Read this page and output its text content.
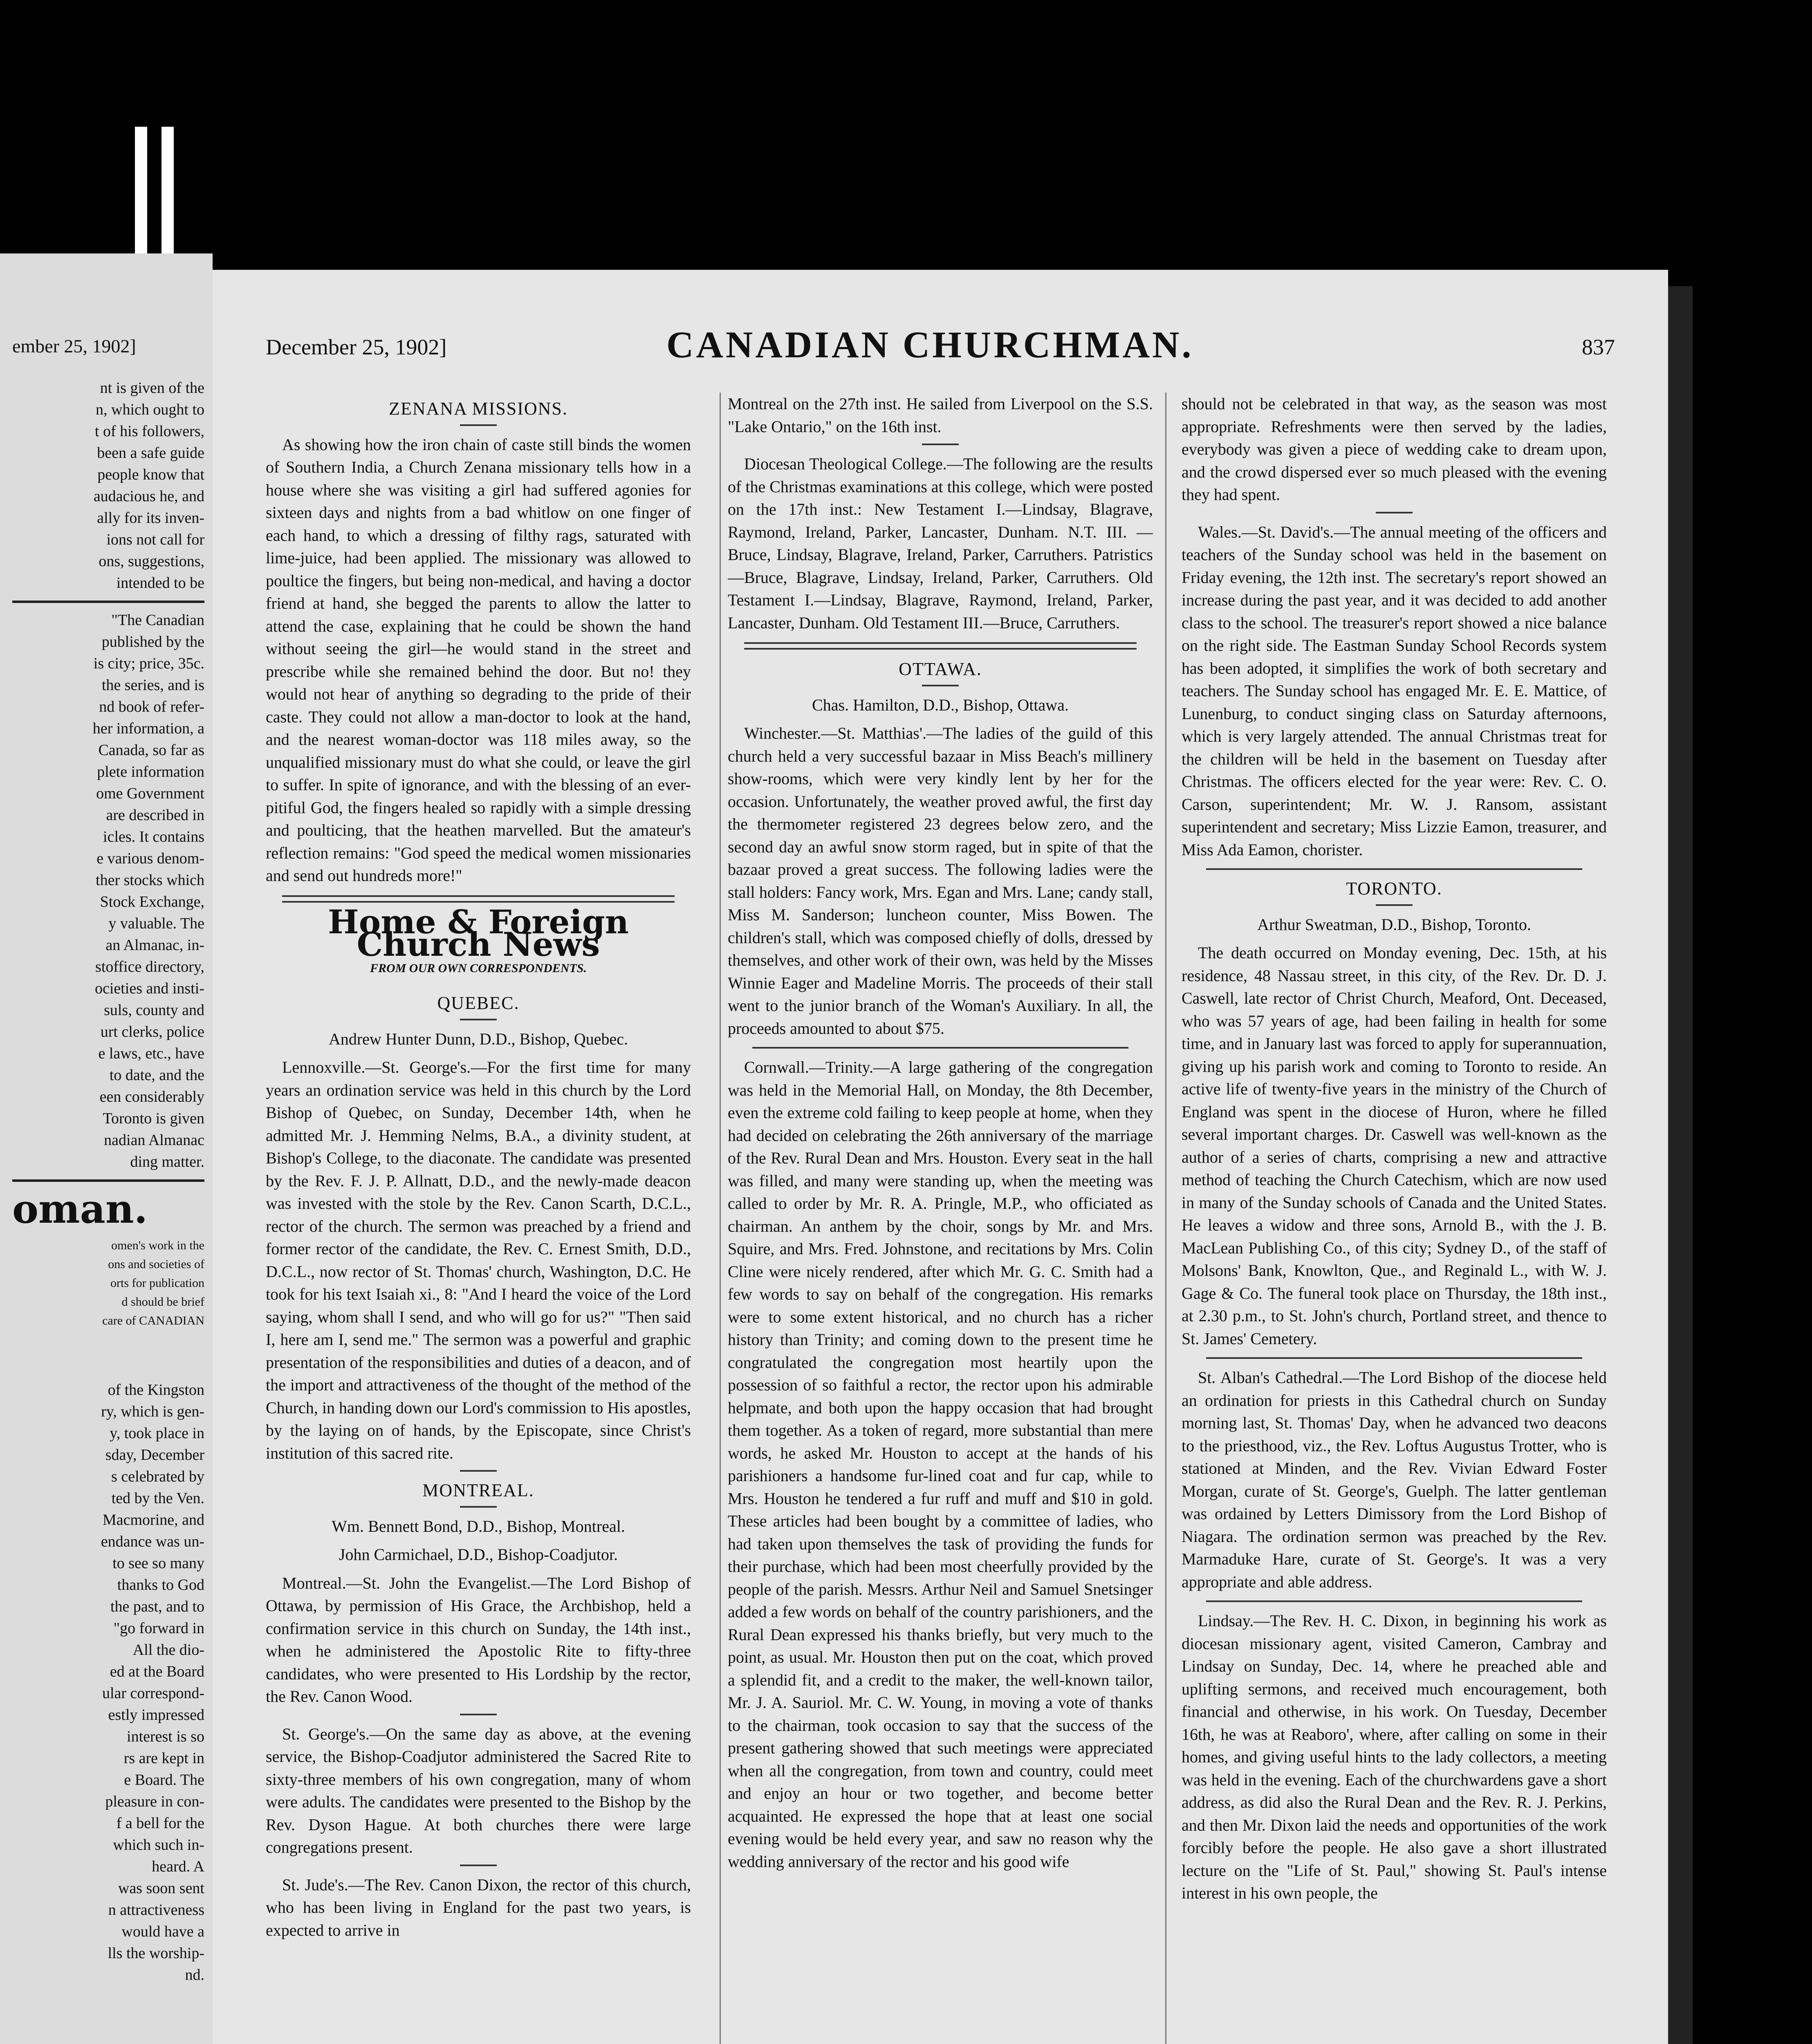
ember 25, 1902]
nt is given of the
n, which ought to
t of his followers,
been a safe guide
people know that
audacious he, and
ally for its inven-
ions not call for
ons, suggestions,
intended to be
"The Canadian
published by the
is city; price, 35c.
the series, and is
nd book of refer-
her information, a
Canada, so far as
plete information
ome Government
are described in
icles. It contains
e various denom-
ther stocks which
Stock Exchange,
y valuable. The
an Almanac, in-
stoffice directory,
ocieties and insti-
suls, county and
urt clerks, police
e laws, etc., have
to date, and the
een considerably
Toronto is given
nadian Almanac
ding matter.
oman.
omen's work in the
ons and societies of
orts for publication
d should be brief
care of CANADIAN
of the Kingston
ry, which is gen-
y, took place in
sday, December
s celebrated by
ted by the Ven.
Macmorine, and
endance was un-
to see so many
thanks to God
the past, and to
"go forward in
All the dio-
ed at the Board
ular correspond-
estly impressed
interest is so
rs are kept in
e Board. The
pleasure in con-
f a bell for the
which such in-
heard. A
was soon sent
n attractiveness
would have a
lls the worship-
nd.
December 25, 1902]	CANADIAN CHURCHMAN.	837
ZENANA MISSIONS.

As showing how the iron chain of caste still binds the women of Southern India, a Church Zenana missionary tells how in a house where she was visiting a girl had suffered agonies for sixteen days and nights from a bad whitlow on one finger of each hand, to which a dressing of filthy rags, saturated with lime-juice, had been applied. The missionary was allowed to poultice the fingers, but being non-medical, and having a doctor friend at hand, she begged the parents to allow the latter to attend the case, explaining that he could be shown the hand without seeing the girl—he would stand in the street and prescribe while she remained behind the door. But no! they would not hear of anything so degrading to the pride of their caste. They could not allow a man-doctor to look at the hand, and the nearest woman-doctor was 118 miles away, so the unqualified missionary must do what she could, or leave the girl to suffer. In spite of ignorance, and with the blessing of an ever-pitiful God, the fingers healed so rapidly with a simple dressing and poulticing, that the heathen marvelled. But the amateur's reflection remains: "God speed the medical women missionaries and send out hundreds more!"

Home & Foreign Church News
FROM OUR OWN CORRESPONDENTS.
QUEBEC.
Andrew Hunter Dunn, D.D., Bishop, Quebec.

Lennoxville.—St. George's.—For the first time for many years an ordination service was held in this church by the Lord Bishop of Quebec, on Sunday, December 14th, when he admitted Mr. J. Hemming Nelms, B.A., a divinity student, at Bishop's College, to the diaconate. The candidate was presented by the Rev. F. J. P. Allnatt, D.D., and the newly-made deacon was invested with the stole by the Rev. Canon Scarth, D.C.L., rector of the church. The sermon was preached by a friend and former rector of the candidate, the Rev. C. Ernest Smith, D.D., D.C.L., now rector of St. Thomas' church, Washington, D.C. He took for his text Isaiah xi., 8: "And I heard the voice of the Lord saying, whom shall I send, and who will go for us?" "Then said I, here am I, send me." The sermon was a powerful and graphic presentation of the responsibilities and duties of a deacon, and of the import and attractiveness of the thought of the method of the Church, in handing down our Lord's commission to His apostles, by the laying on of hands, by the Episcopate, since Christ's institution of this sacred rite.

MONTREAL.
Wm. Bennett Bond, D.D., Bishop, Montreal.
John Carmichael, D.D., Bishop-Coadjutor.

Montreal.—St. John the Evangelist.—The Lord Bishop of Ottawa, by permission of His Grace, the Archbishop, held a confirmation service in this church on Sunday, the 14th inst., when he administered the Apostolic Rite to fifty-three candidates, who were presented to His Lordship by the rector, the Rev. Canon Wood.

St. George's.—On the same day as above, at the evening service, the Bishop-Coadjutor administered the Sacred Rite to sixty-three members of his own congregation, many of whom were adults. The candidates were presented to the Bishop by the Rev. Dyson Hague. At both churches there were large congregations present.

St. Jude's.—The Rev. Canon Dixon, the rector of this church, who has been living in England for the past two years, is expected to arrive in

Montreal on the 27th inst. He sailed from Liverpool on the S.S. "Lake Ontario," on the 16th inst.

Diocesan Theological College.—The following are the results of the Christmas examinations at this college, which were posted on the 17th inst.: New Testament I.—Lindsay, Blagrave, Raymond, Ireland, Parker, Lancaster, Dunham. N.T. III. —Bruce, Lindsay, Blagrave, Ireland, Parker, Carruthers. Patristics—Bruce, Blagrave, Lindsay, Ireland, Parker, Carruthers. Old Testament I.—Lindsay, Blagrave, Raymond, Ireland, Parker, Lancaster, Dunham. Old Testament III.—Bruce, Carruthers.

OTTAWA.
Chas. Hamilton, D.D., Bishop, Ottawa.

Winchester.—St. Matthias'.—The ladies of the guild of this church held a very successful bazaar in Miss Beach's millinery show-rooms, which were very kindly lent by her for the occasion. Unfortunately, the weather proved awful, the first day the thermometer registered 23 degrees below zero, and the second day an awful snow storm raged, but in spite of that the bazaar proved a great success. The following ladies were the stall holders: Fancy work, Mrs. Egan and Mrs. Lane; candy stall, Miss M. Sanderson; luncheon counter, Miss Bowen. The children's stall, which was composed chiefly of dolls, dressed by themselves, and other work of their own, was held by the Misses Winnie Eager and Madeline Morris. The proceeds of their stall went to the junior branch of the Woman's Auxiliary. In all, the proceeds amounted to about $75.

Cornwall.—Trinity.—A large gathering of the congregation was held in the Memorial Hall, on Monday, the 8th December, even the extreme cold failing to keep people at home, when they had decided on celebrating the 26th anniversary of the marriage of the Rev. Rural Dean and Mrs. Houston. Every seat in the hall was filled, and many were standing up, when the meeting was called to order by Mr. R. A. Pringle, M.P., who officiated as chairman. An anthem by the choir, songs by Mr. and Mrs. Squire, and Mrs. Fred. Johnstone, and recitations by Mrs. Colin Cline were nicely rendered, after which Mr. G. C. Smith had a few words to say on behalf of the congregation. His remarks were to some extent historical, and no church has a richer history than Trinity; and coming down to the present time he congratulated the congregation most heartily upon the possession of so faithful a rector, the rector upon his admirable helpmate, and both upon the happy occasion that had brought them together. As a token of regard, more substantial than mere words, he asked Mr. Houston to accept at the hands of his parishioners a handsome fur-lined coat and fur cap, while to Mrs. Houston he tendered a fur ruff and muff and $10 in gold. These articles had been bought by a committee of ladies, who had taken upon themselves the task of providing the funds for their purchase, which had been most cheerfully provided by the people of the parish. Messrs. Arthur Neil and Samuel Snetsinger added a few words on behalf of the country parishioners, and the Rural Dean expressed his thanks briefly, but very much to the point, as usual. Mr. Houston then put on the coat, which proved a splendid fit, and a credit to the maker, the well-known tailor, Mr. J. A. Sauriol. Mr. C. W. Young, in moving a vote of thanks to the chairman, took occasion to say that the success of the present gathering showed that such meetings were appreciated when all the congregation, from town and country, could meet and enjoy an hour or two together, and become better acquainted. He expressed the hope that at least one social evening would be held every year, and saw no reason why the wedding anniversary of the rector and his good wife

should not be celebrated in that way, as the season was most appropriate. Refreshments were then served by the ladies, everybody was given a piece of wedding cake to dream upon, and the crowd dispersed ever so much pleased with the evening they had spent.

Wales.—St. David's.—The annual meeting of the officers and teachers of the Sunday school was held in the basement on Friday evening, the 12th inst. The secretary's report showed an increase during the past year, and it was decided to add another class to the school. The treasurer's report showed a nice balance on the right side. The Eastman Sunday School Records system has been adopted, it simplifies the work of both secretary and teachers. The Sunday school has engaged Mr. E. E. Mattice, of Lunenburg, to conduct singing class on Saturday afternoons, which is very largely attended. The annual Christmas treat for the children will be held in the basement on Tuesday after Christmas. The officers elected for the year were: Rev. C. O. Carson, superintendent; Mr. W. J. Ransom, assistant superintendent and secretary; Miss Lizzie Eamon, treasurer, and Miss Ada Eamon, chorister.

TORONTO.
Arthur Sweatman, D.D., Bishop, Toronto.

The death occurred on Monday evening, Dec. 15th, at his residence, 48 Nassau street, in this city, of the Rev. Dr. D. J. Caswell, late rector of Christ Church, Meaford, Ont. Deceased, who was 57 years of age, had been failing in health for some time, and in January last was forced to apply for superannuation, giving up his parish work and coming to Toronto to reside. An active life of twenty-five years in the ministry of the Church of England was spent in the diocese of Huron, where he filled several important charges. Dr. Caswell was well-known as the author of a series of charts, comprising a new and attractive method of teaching the Church Catechism, which are now used in many of the Sunday schools of Canada and the United States. He leaves a widow and three sons, Arnold B., with the J. B. MacLean Publishing Co., of this city; Sydney D., of the staff of Molsons' Bank, Knowlton, Que., and Reginald L., with W. J. Gage & Co. The funeral took place on Thursday, the 18th inst., at 2.30 p.m., to St. John's church, Portland street, and thence to St. James' Cemetery.

St. Alban's Cathedral.—The Lord Bishop of the diocese held an ordination for priests in this Cathedral church on Sunday morning last, St. Thomas' Day, when he advanced two deacons to the priesthood, viz., the Rev. Loftus Augustus Trotter, who is stationed at Minden, and the Rev. Vivian Edward Foster Morgan, curate of St. George's, Guelph. The latter gentleman was ordained by Letters Dimissory from the Lord Bishop of Niagara. The ordination sermon was preached by the Rev. Marmaduke Hare, curate of St. George's. It was a very appropriate and able address.

Lindsay.—The Rev. H. C. Dixon, in beginning his work as diocesan missionary agent, visited Cameron, Cambray and Lindsay on Sunday, Dec. 14, where he preached able and uplifting sermons, and received much encouragement, both financial and otherwise, in his work. On Tuesday, December 16th, he was at Reaboro', where, after calling on some in their homes, and giving useful hints to the lady collectors, a meeting was held in the evening. Each of the churchwardens gave a short address, as did also the Rural Dean and the Rev. R. J. Perkins, and then Mr. Dixon laid the needs and opportunities of the work forcibly before the people. He also gave a short illustrated lecture on the "Life of St. Paul," showing St. Paul's intense interest in his own people, the
